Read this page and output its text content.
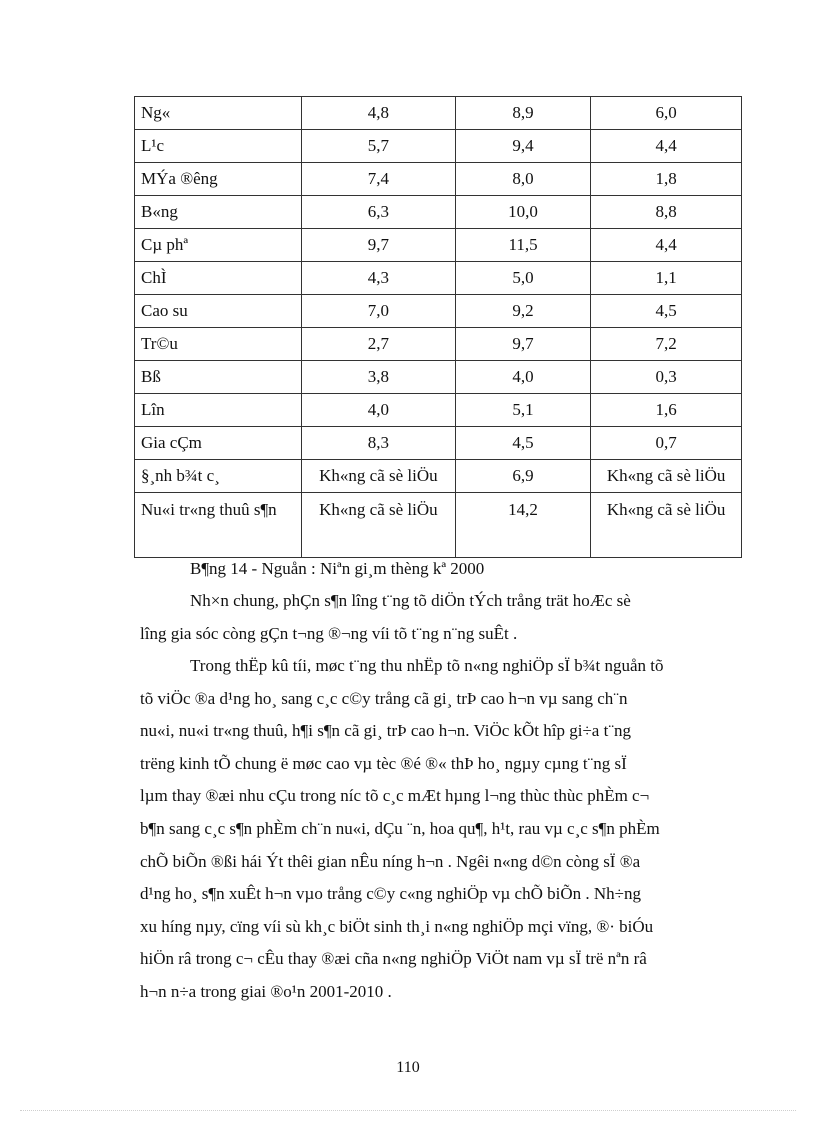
Ng«	4,8	8,9	6,0
L¹c	5,7	9,4	4,4
MÝa ®êng	7,4	8,0	1,8
B«ng	6,3	10,0	8,8
Cµ phª	9,7	11,5	4,4
ChÌ	4,3	5,0	1,1
Cao su	7,0	9,2	4,5
Tr©u	2,7	9,7	7,2
Bß	3,8	4,0	0,3
Lîn	4,0	5,1	1,6
Gia cÇm	8,3	4,5	0,7
§¸nh b¾t c¸	Kh«ng cã sè liÖu	6,9	Kh«ng cã sè liÖu
Nu«i tr«ng thuû s¶n	Kh«ng cã sè liÖu	14,2	Kh«ng cã sè liÖu
B¶ng 14 - Nguån : Niªn gi¸m thèng kª 2000

Nh×n chung, phÇn s¶n lîng t¨ng tõ diÖn tÝch trång trät hoÆc sè
lîng gia sóc còng gÇn t¬ng ®¬ng víi tõ t¨ng n¨ng suÊt .

Trong thËp kû tíi, møc t¨ng thu nhËp tõ n«ng nghiÖp sÏ b¾t nguån tõ
tõ viÖc ®a d¹ng ho¸ sang c¸c c©y trång cã gi¸ trÞ cao h¬n vµ sang ch¨n
nu«i, nu«i tr«ng thuû, h¶i s¶n cã gi¸ trÞ cao h¬n. ViÖc kÕt hîp gi÷a t¨ng
trëng kinh tÕ chung ë møc cao vµ tèc ®é ®« thÞ ho¸ ngµy cµng t¨ng sÏ
lµm thay ®æi nhu cÇu trong níc tõ c¸c mÆt hµng l¬ng thùc thùc phÈm c¬
b¶n sang c¸c s¶n phÈm ch¨n nu«i, dÇu ¨n, hoa qu¶, h¹t, rau vµ c¸c s¶n phÈm
chÕ biÕn ®ßi hái Ýt thêi gian nÊu níng h¬n . Ngêi n«ng d©n còng sÏ ®a
d¹ng ho¸ s¶n xuÊt h¬n vµo trång c©y c«ng nghiÖp vµ chÕ biÕn . Nh÷ng
xu híng nµy, cïng víi sù kh¸c biÖt sinh th¸i n«ng nghiÖp mçi vïng, ®· biÓu
hiÖn râ trong c¬ cÊu thay ®æi cña n«ng nghiÖp ViÖt nam vµ sÏ trë nªn râ
h¬n n÷a trong giai ®o¹n 2001-2010 .

110
